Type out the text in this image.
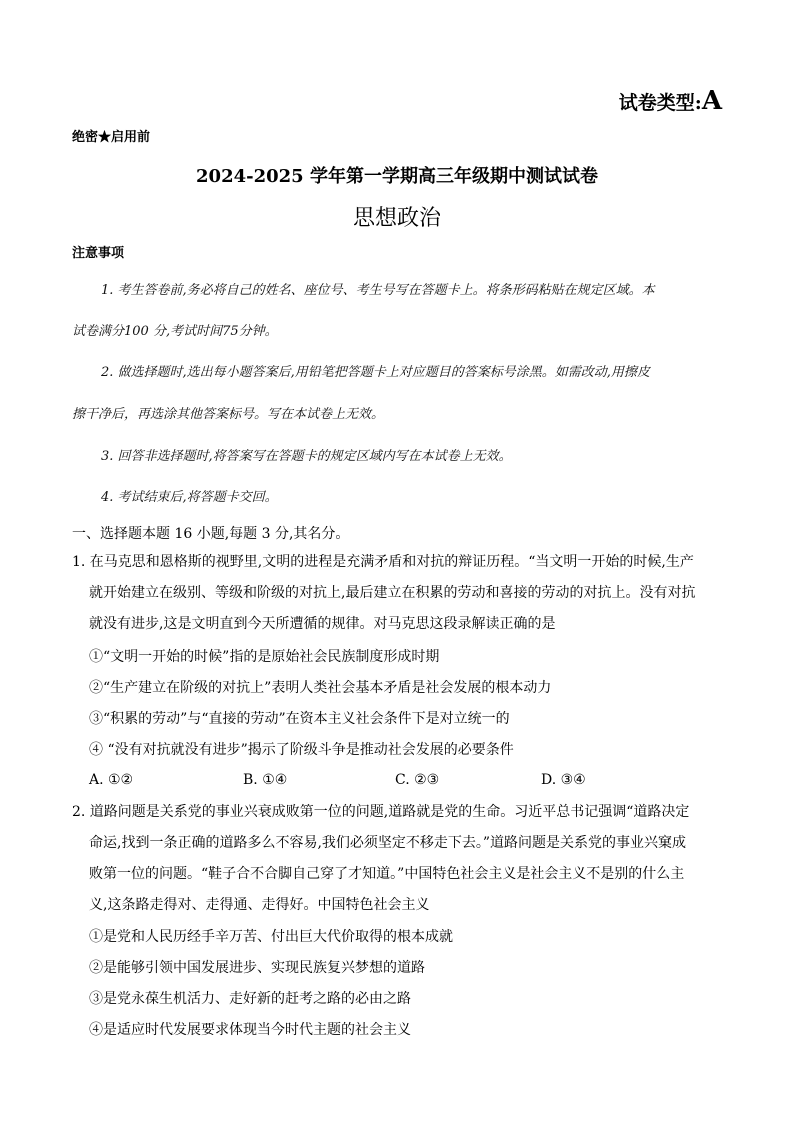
试卷类型:A
绝密★启用前
2024-2025 学年第一学期高三年级期中测试试卷
思想政治
注意事项
1. 考生答卷前,务必将自己的姓名、座位号、考生号写在答题卡上。将条形码粘贴在规定区域。本
试卷满分100 分,考试时间75分钟。
2. 做选择题时,选出每小题答案后,用铅笔把答题卡上对应题目的答案标号涂黑。如需改动,用擦皮
擦干净后，再选涂其他答案标号。写在本试卷上无效。
3. 回答非选择题时,将答案写在答题卡的规定区域内写在本试卷上无效。
4. 考试结束后,将答题卡交回。
一、选择题本题 16 小题,每题 3 分,其名分。
1. 在马克思和恩格斯的视野里,文明的进程是充满矛盾和对抗的辩证历程。“当文明一开始的时候,生产
就开始建立在级别、等级和阶级的对抗上,最后建立在积累的劳动和喜接的劳动的对抗上。没有对抗
就没有进步,这是文明直到今天所遭循的规律。对马克思这段录解读正确的是
①“文明一开始的时候”指的是原始社会民族制度形成时期
②“生产建立在阶级的对抗上”表明人类社会基本矛盾是社会发展的根本动力
③“积累的劳动”与“直接的劳动”在资本主义社会条件下是对立统一的
④ “没有对抗就没有进步”揭示了阶级斗争是推动社会发展的必要条件
A. ①②	B. ①④	C. ②③	D. ③④
2. 道路问题是关系党的事业兴衰成败第一位的问题,道路就是党的生命。习近平总书记强调“道路决定
命运,找到一条正确的道路多么不容易,我们必须坚定不移走下去。”道路问题是关系党的事业兴窠成
败第一位的问题。“鞋子合不合脚自己穿了才知道。”中国特色社会主义是社会主义不是别的什么主
义,这条路走得对、走得通、走得好。中国特色社会主义
①是党和人民历经手辛万苦、付出巨大代价取得的根本成就
②是能够引领中国发展进步、实现民族复兴梦想的道路
③是党永葆生机活力、走好新的赶考之路的必由之路
④是适应时代发展要求体现当今时代主题的社会主义
